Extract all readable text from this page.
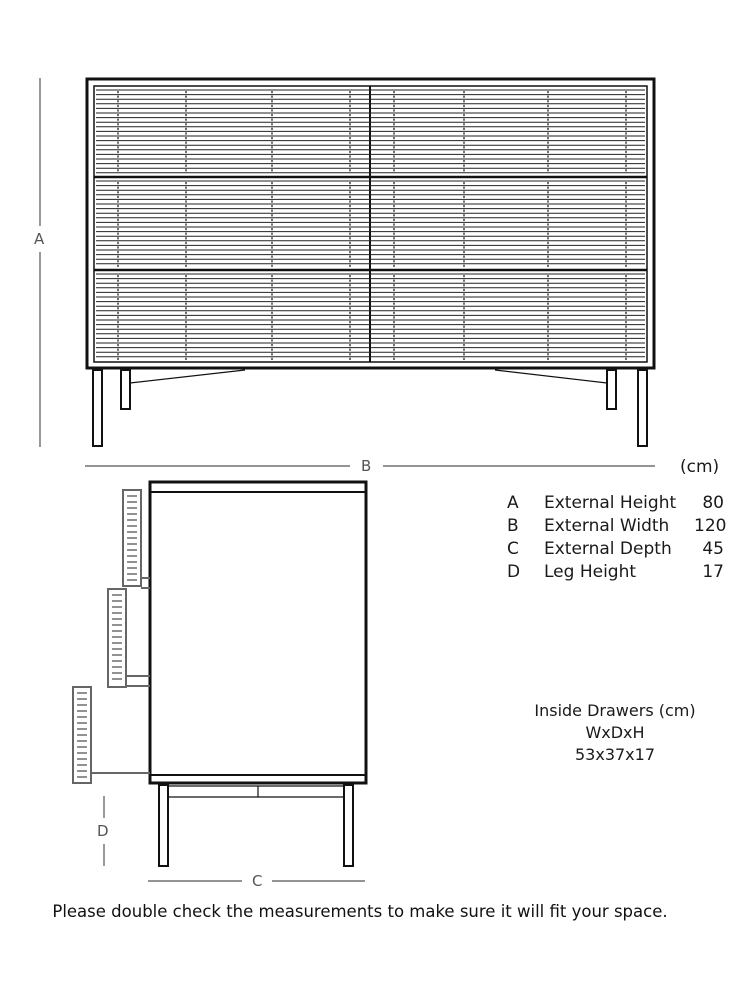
A
B
C
D
(cm)
A	External Height	80
B	External Width	120
C	External Depth	45
D	Leg Height	17
Inside Drawers (cm)
WxDxH
53x37x17
Please double check the measurements to make sure it will fit your space.
